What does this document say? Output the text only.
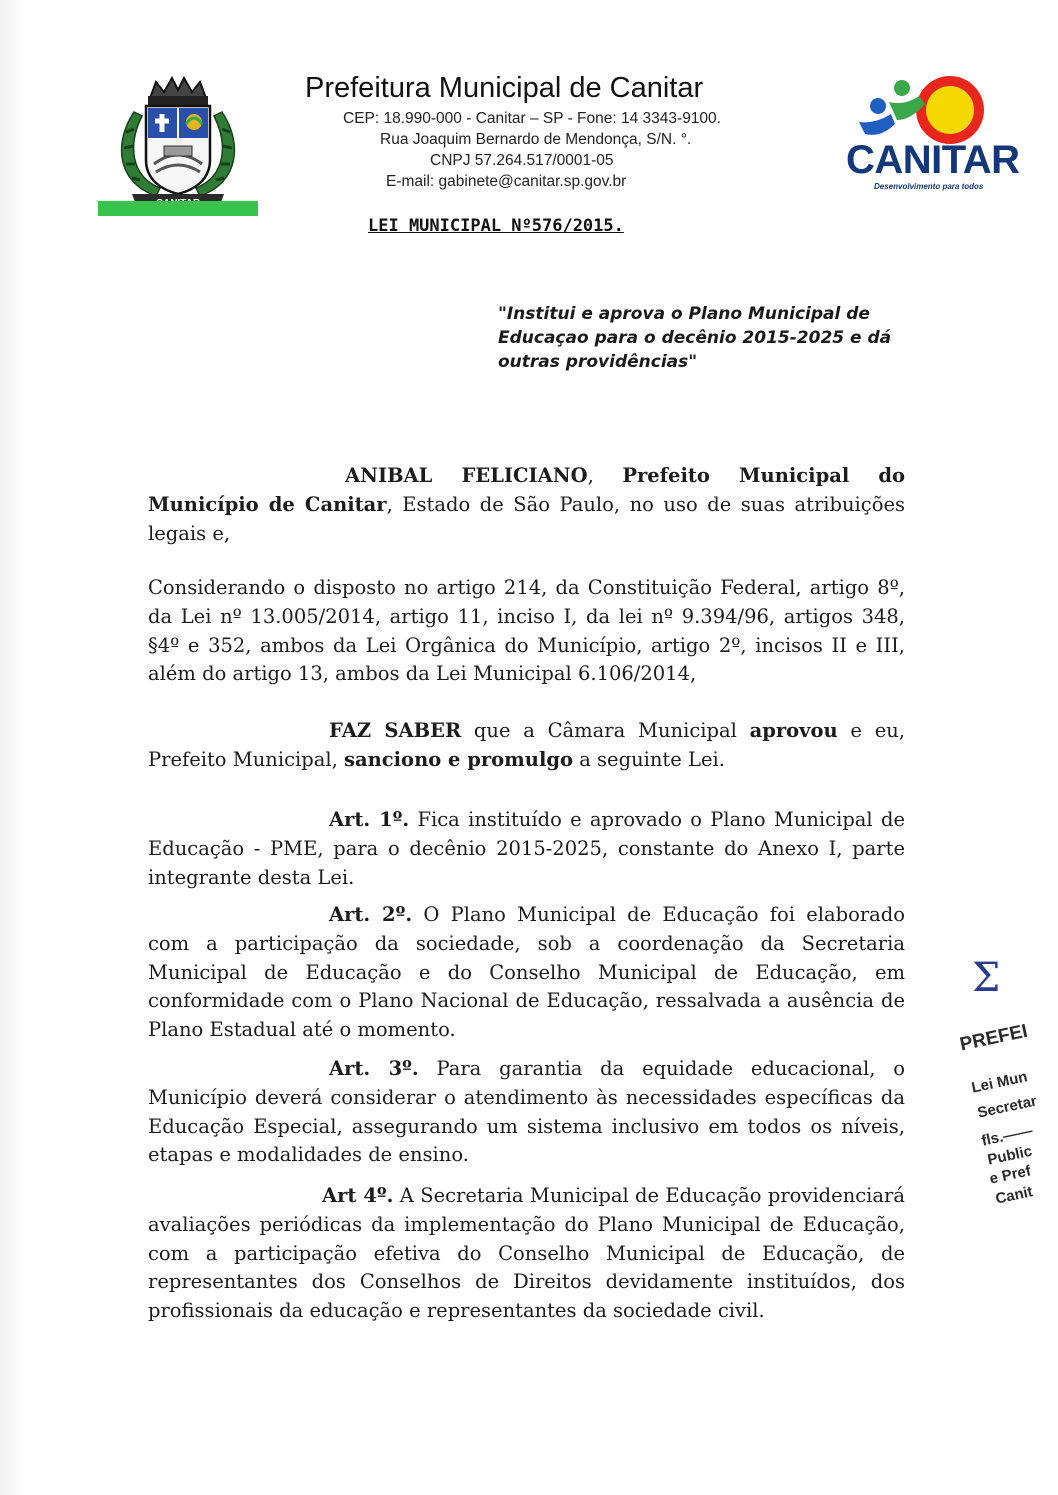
Prefeitura Municipal de Canitar
CEP: 18.990-000 - Canitar – SP - Fone: 14 3343-9100.
Rua Joaquim Bernardo de Mendonça, S/N. °.
CNPJ 57.264.517/0001-05
E-mail: gabinete@canitar.sp.gov.br	CANITAR
Desenvolvimento para todos
LEI MUNICIPAL Nº576/2015.
"Institui e aprova o Plano Municipal de Educaçao para o decênio 2015-2025 e dá outras providências"
ANIBAL FELICIANO, Prefeito Municipal do Município de Canitar, Estado de São Paulo, no uso de suas atribuições legais e,
Considerando o disposto no artigo 214, da Constituição Federal, artigo 8º, da Lei nº 13.005/2014, artigo 11, inciso I, da lei nº 9.394/96, artigos 348, §4º e 352, ambos da Lei Orgânica do Município, artigo 2º, incisos II e III, além do artigo 13, ambos da Lei Municipal 6.106/2014,
FAZ SABER que a Câmara Municipal aprovou e eu, Prefeito Municipal, sanciono e promulgo a seguinte Lei.
Art. 1º. Fica instituído e aprovado o Plano Municipal de Educação - PME, para o decênio 2015-2025, constante do Anexo I, parte integrante desta Lei.
Art. 2º. O Plano Municipal de Educação foi elaborado com a participação da sociedade, sob a coordenação da Secretaria Municipal de Educação e do Conselho Municipal de Educação, em conformidade com o Plano Nacional de Educação, ressalvada a ausência de Plano Estadual até o momento.
Art. 3º. Para garantia da equidade educacional, o Município deverá considerar o atendimento às necessidades específicas da Educação Especial, assegurando um sistema inclusivo em todos os níveis, etapas e modalidades de ensino.
Art 4º. A Secretaria Municipal de Educação providenciará avaliações periódicas da implementação do Plano Municipal de Educação, com a participação efetiva do Conselho Municipal de Educação, de representantes dos Conselhos de Direitos devidamente instituídos, dos profissionais da educação e representantes da sociedade civil.
Σ
PREFEI
Lei Mun
Secretar
fls.——
Public
e Pref
Canit
